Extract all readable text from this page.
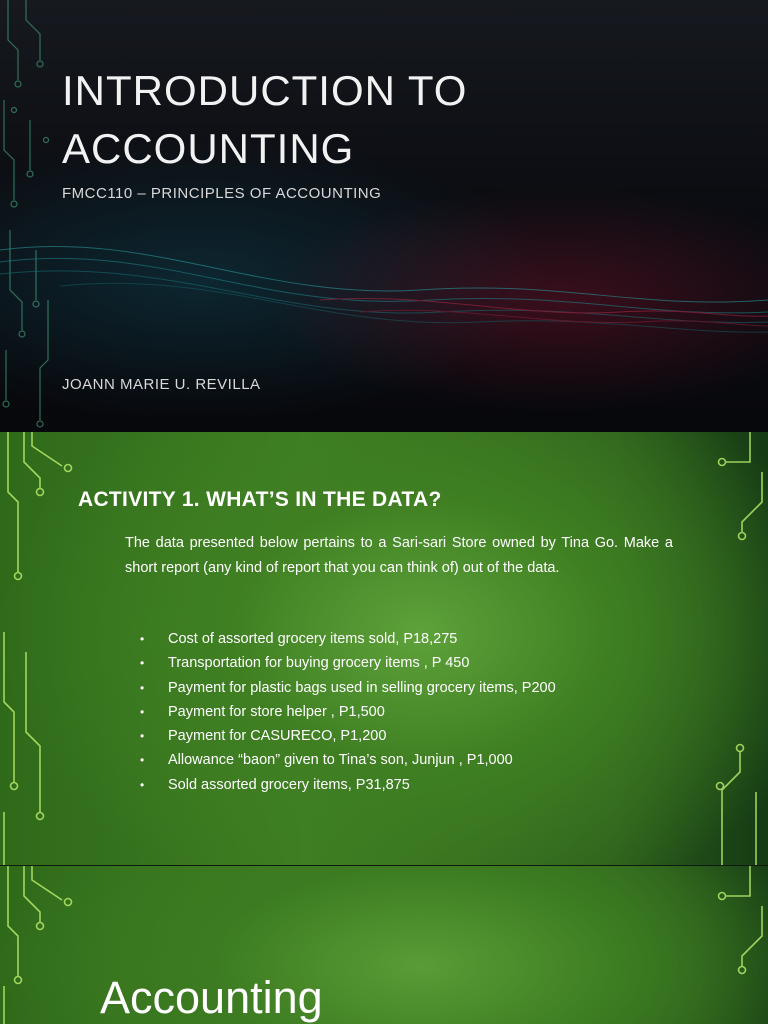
INTRODUCTION TO
ACCOUNTING

FMCC110 – PRINCIPLES OF ACCOUNTING

JOANN MARIE U. REVILLA

ACTIVITY 1. WHAT’S IN THE DATA?

The data presented below pertains to a Sari-sari Store owned by Tina Go. Make a short report (any kind of report that you can think of) out of the data.

• Cost of assorted grocery items sold, P18,275
• Transportation for buying grocery items , P 450
• Payment for plastic bags used in selling grocery items, P200
• Payment for store helper , P1,500
• Payment for CASURECO, P1,200
• Allowance “baon” given to Tina’s son, Junjun , P1,000
• Sold assorted grocery items, P31,875
Accounting
